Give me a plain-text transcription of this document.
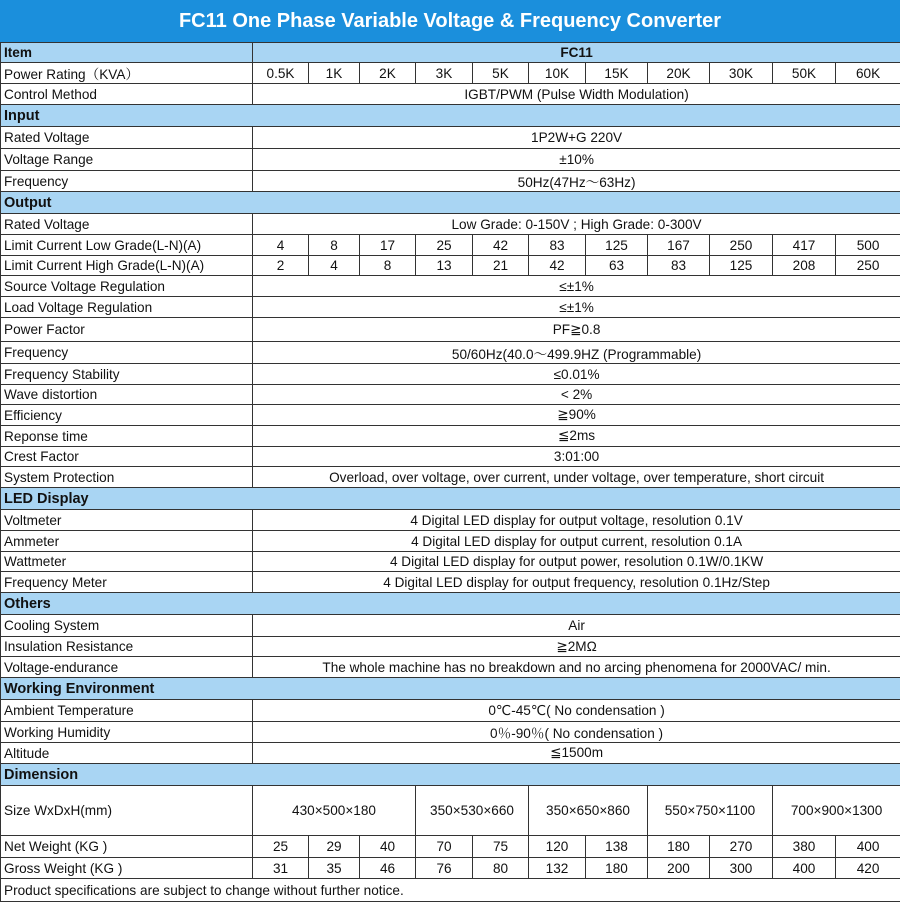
FC11 One Phase Variable Voltage & Frequency Converter
Item	FC11										
Power Rating（KVA）	0.5K	1K	2K	3K	5K	10K	15K	20K	30K	50K	60K
Control Method	IGBT/PWM (Pulse Width Modulation)										
Input											
Rated Voltage	1P2W+G 220V										
Voltage Range	±10%										
Frequency	50Hz(47Hz～63Hz)										
Output											
Rated Voltage	Low Grade: 0-150V ; High Grade: 0-300V										
Limit Current Low Grade(L-N)(A)	4	8	17	25	42	83	125	167	250	417	500
Limit Current High Grade(L-N)(A)	2	4	8	13	21	42	63	83	125	208	250
Source Voltage Regulation	≤±1%										
Load Voltage Regulation	≤±1%										
Power Factor	PF≧0.8										
Frequency	50/60Hz(40.0～499.9HZ (Programmable)										
Frequency Stability	≤0.01%										
Wave distortion	< 2%										
Efficiency	≧90%										
Reponse time	≦2ms										
Crest Factor	3:01:00										
System Protection	Overload, over voltage, over current, under voltage, over temperature, short circuit										
LED Display											
Voltmeter	4 Digital LED display for output voltage, resolution 0.1V										
Ammeter	4 Digital LED display for output current, resolution 0.1A										
Wattmeter	4 Digital LED display for output power, resolution 0.1W/0.1KW										
Frequency Meter	4 Digital LED display for output frequency, resolution 0.1Hz/Step										
Others											
Cooling System	Air										
Insulation Resistance	≧2MΩ										
Voltage-endurance	The whole machine has no breakdown and no arcing phenomena for 2000VAC/ min.										
Working Environment											
Ambient Temperature	0℃-45℃( No condensation )										
Working Humidity	0％-90％( No condensation )										
Altitude	≦1500m										
Dimension											
Size WxDxH(mm)	430×500×180			350×530×660		350×650×860		550×750×1100		700×900×1300	
Net Weight (KG )	25	29	40	70	75	120	138	180	270	380	400
Gross Weight (KG )	31	35	46	76	80	132	180	200	300	400	420
Product specifications are subject to change without further notice.											
